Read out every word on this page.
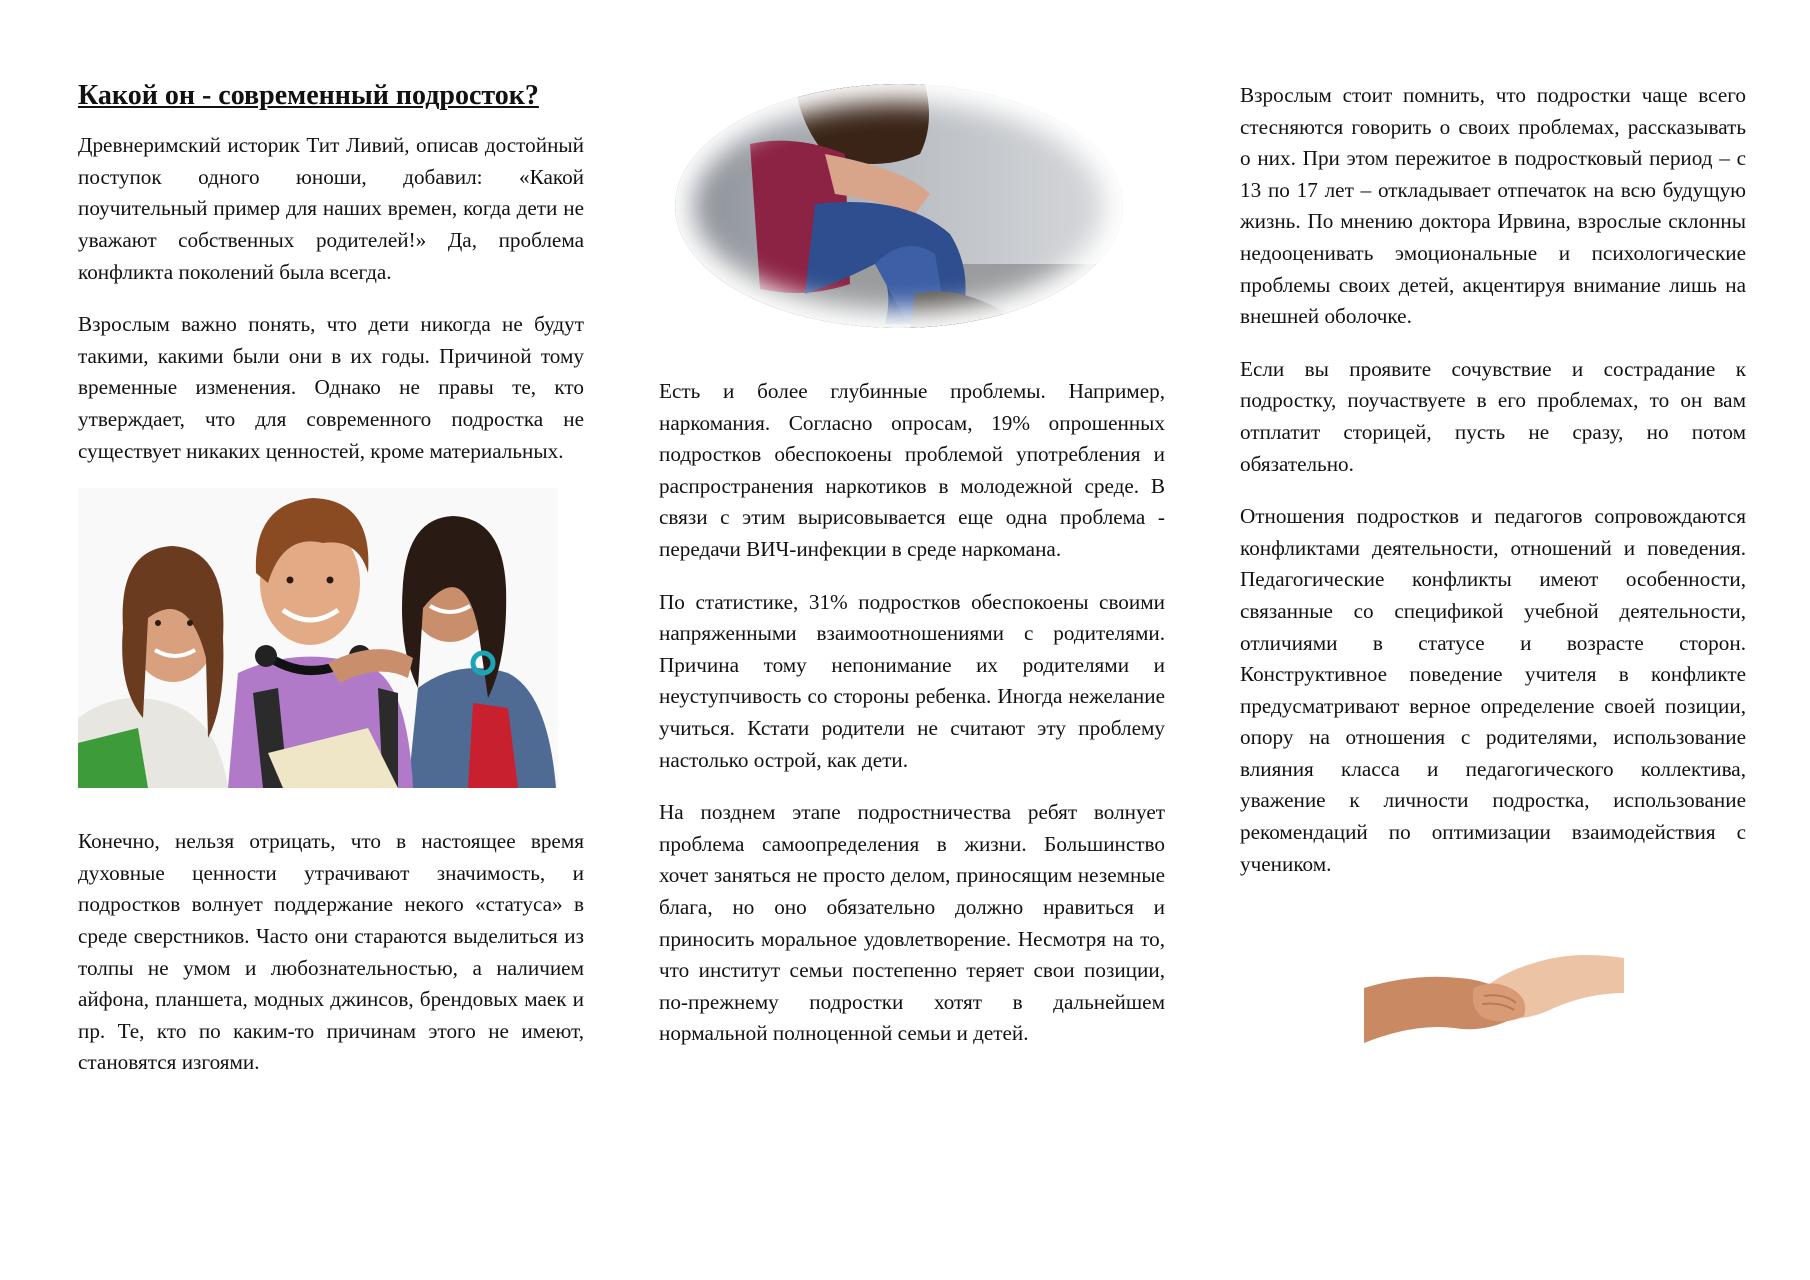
Какой он - современный подросток?

Древнеримский историк Тит Ливий, описав достойный поступок одного юноши, добавил: «Какой поучительный пример для наших времен, когда дети не уважают собственных родителей!» Да, проблема конфликта поколений была всегда.

Взрослым важно понять, что дети никогда не будут такими, какими были они в их годы. Причиной тому временные изменения. Однако не правы те, кто утверждает, что для современного подростка не существует никаких ценностей, кроме материальных.

Конечно, нельзя отрицать, что в настоящее время духовные ценности утрачивают значимость, и подростков волнует поддержание некого «статуса» в среде сверстников. Часто они стараются выделиться из толпы не умом и любознательностью, а наличием айфона, планшета, модных джинсов, брендовых маек и пр. Те, кто по каким-то причинам этого не имеют, становятся изгоями.

Есть и более глубинные проблемы. Например, наркомания. Согласно опросам, 19% опрошенных подростков обеспокоены проблемой употребления и распространения наркотиков в молодежной среде. В связи с этим вырисовывается еще одна проблема - передачи ВИЧ-инфекции в среде наркомана.

По статистике, 31% подростков обеспокоены своими напряженными взаимоотношениями с родителями. Причина тому непонимание их родителями и неуступчивость со стороны ребенка. Иногда нежелание учиться. Кстати родители не считают эту проблему настолько острой, как дети.

На позднем этапе подростничества ребят волнует проблема самоопределения в жизни. Большинство хочет заняться не просто делом, приносящим неземные блага, но оно обязательно должно нравиться и приносить моральное удовлетворение. Несмотря на то, что институт семьи постепенно теряет свои позиции, по-прежнему подростки хотят в дальнейшем нормальной полноценной семьи и детей.

Взрослым стоит помнить, что подростки чаще всего стесняются говорить о своих проблемах, рассказывать о них. При этом пережитое в подростковый период – с 13 по 17 лет – откладывает отпечаток на всю будущую жизнь. По мнению доктора Ирвина, взрослые склонны недооценивать эмоциональные и психологические проблемы своих детей, акцентируя внимание лишь на внешней оболочке.

Если вы проявите сочувствие и сострадание к подростку, поучаствуете в его проблемах, то он вам отплатит сторицей, пусть не сразу, но потом обязательно.

Отношения подростков и педагогов сопровождаются конфликтами деятельности, отношений и поведения. Педагогические конфликты имеют особенности, связанные со спецификой учебной деятельности, отличиями в статусе и возрасте сторон. Конструктивное поведение учителя в конфликте предусматривают верное определение своей позиции, опору на отношения с родителями, использование влияния класса и педагогического коллектива, уважение к личности подростка, использование рекомендаций по оптимизации взаимодействия с учеником.
